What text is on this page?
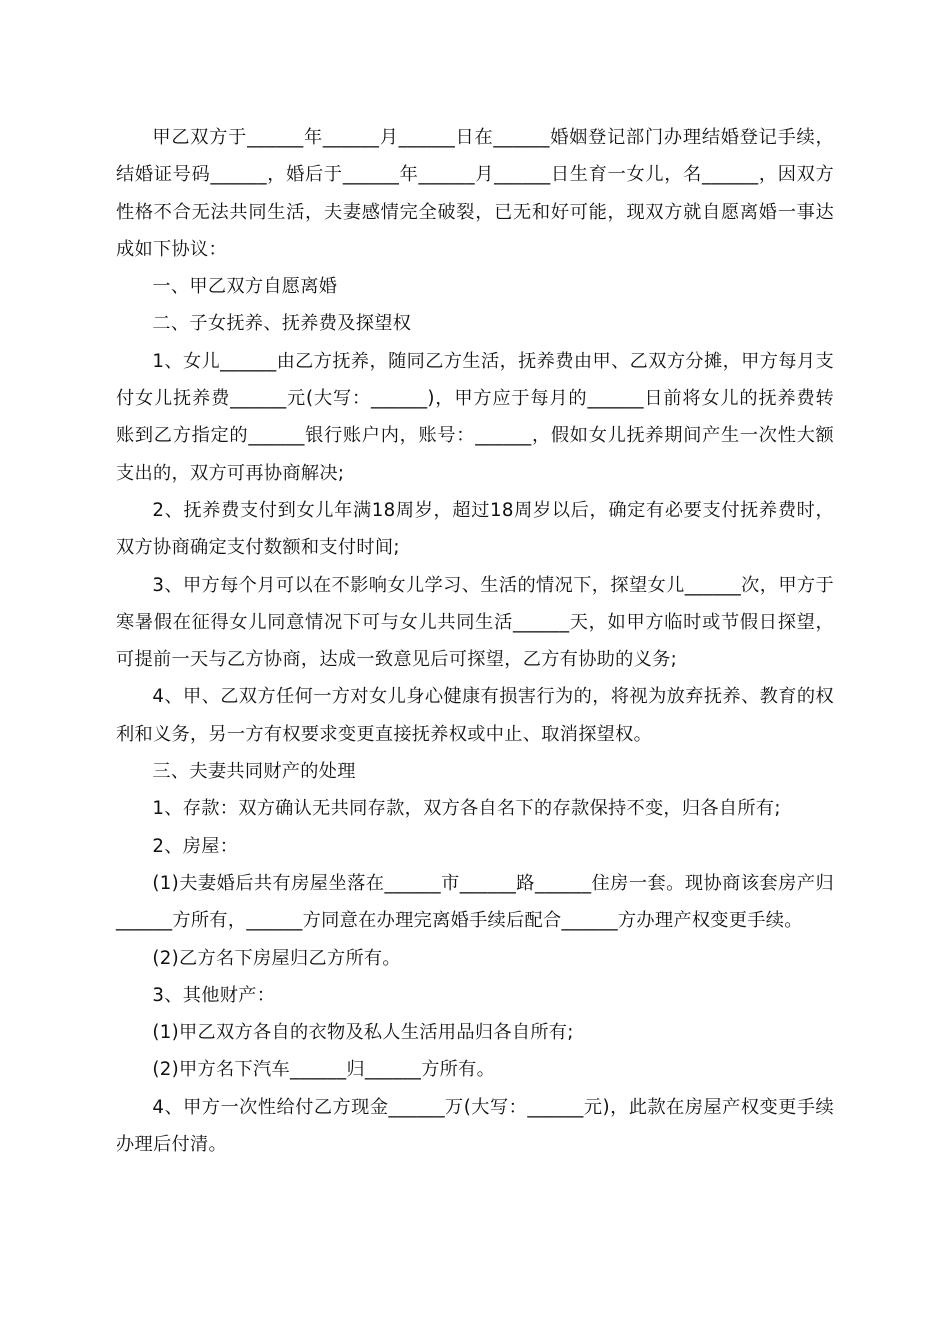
甲乙双方于______年______月______日在______婚姻登记部门办理结婚登记手续，结婚证号码______，婚后于______年______月______日生育一女儿，名______，因双方性格不合无法共同生活，夫妻感情完全破裂，已无和好可能，现双方就自愿离婚一事达成如下协议：

一、甲乙双方自愿离婚

二、子女抚养、抚养费及探望权

1、女儿______由乙方抚养，随同乙方生活，抚养费由甲、乙双方分摊，甲方每月支付女儿抚养费______元(大写：______)，甲方应于每月的______日前将女儿的抚养费转账到乙方指定的______银行账户内，账号：______，假如女儿抚养期间产生一次性大额支出的，双方可再协商解决;

2、抚养费支付到女儿年满18周岁，超过18周岁以后，确定有必要支付抚养费时，双方协商确定支付数额和支付时间;

3、甲方每个月可以在不影响女儿学习、生活的情况下，探望女儿______次，甲方于寒暑假在征得女儿同意情况下可与女儿共同生活______天，如甲方临时或节假日探望，可提前一天与乙方协商，达成一致意见后可探望，乙方有协助的义务;

4、甲、乙双方任何一方对女儿身心健康有损害行为的，将视为放弃抚养、教育的权利和义务，另一方有权要求变更直接抚养权或中止、取消探望权。

三、夫妻共同财产的处理

1、存款：双方确认无共同存款，双方各自名下的存款保持不变，归各自所有;

2、房屋：

(1)夫妻婚后共有房屋坐落在______市______路______住房一套。现协商该套房产归______方所有，______方同意在办理完离婚手续后配合______方办理产权变更手续。

(2)乙方名下房屋归乙方所有。

3、其他财产：

(1)甲乙双方各自的衣物及私人生活用品归各自所有;

(2)甲方名下汽车______归______方所有。

4、甲方一次性给付乙方现金______万(大写：______元)，此款在房屋产权变更手续办理后付清。
